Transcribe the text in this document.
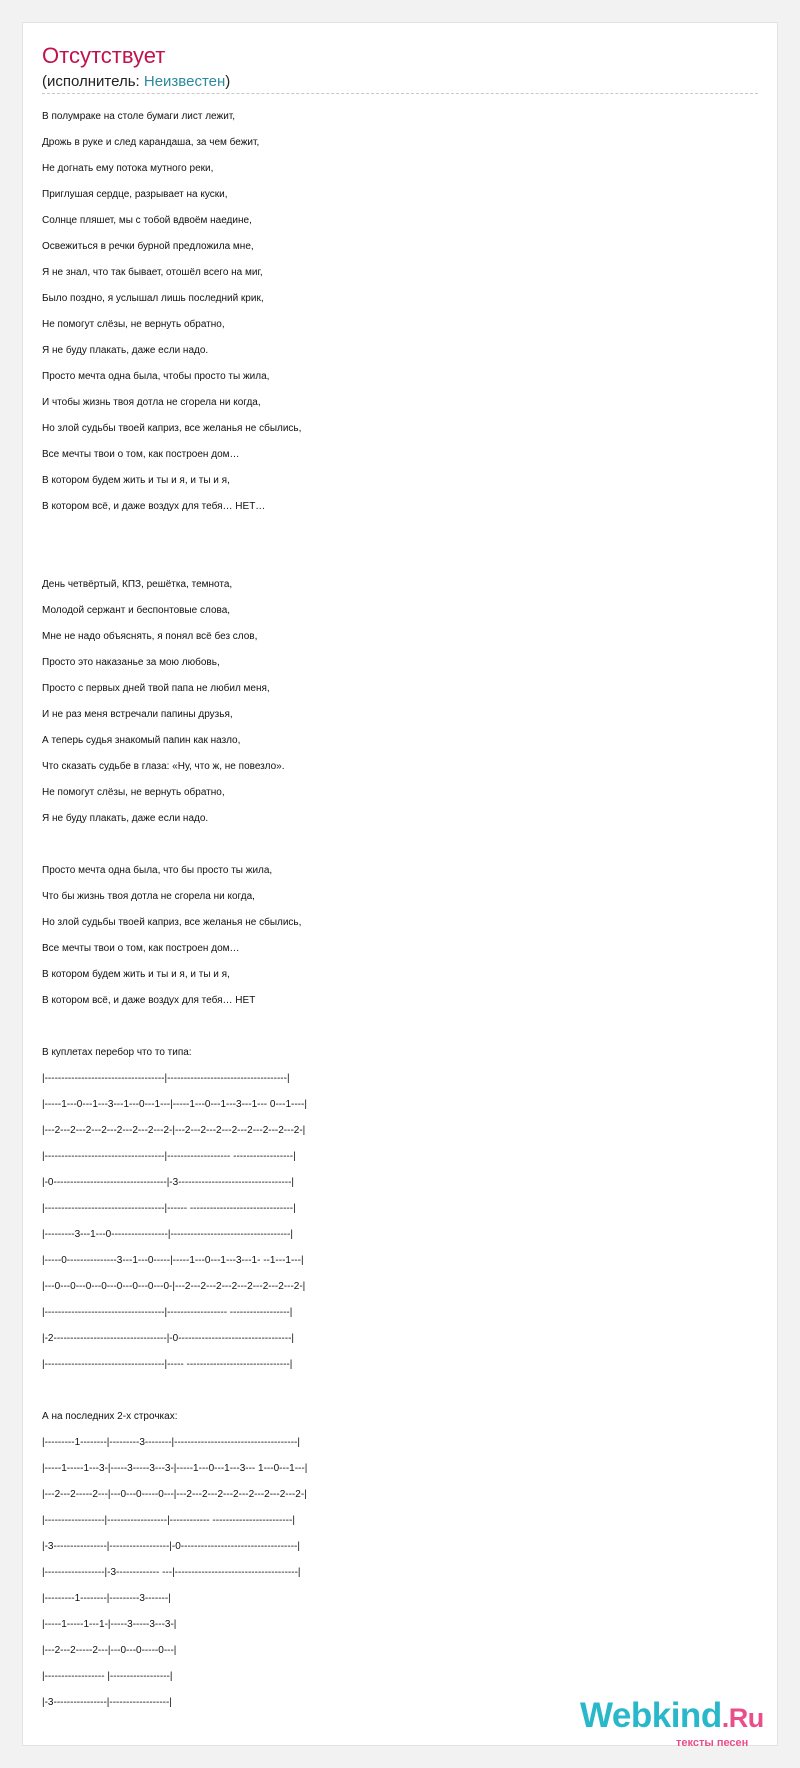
Отсутствует
(исполнитель: Неизвестен)
В полумраке на столе бумаги лист лежит,
Дрожь в руке и след карандаша, за чем бежит,
Не догнать ему потока мутного реки,
Приглушая сердце, разрывает на куски,
Солнце пляшет, мы с тобой вдвоём наедине,
Освежиться в речки бурной предложила мне,
Я не знал, что так бывает, отошёл всего на миг,
Было поздно, я услышал лишь последний крик,
Не помогут слёзы, не вернуть обратно,
Я не буду плакать, даже если надо.
Просто мечта одна была, чтобы просто ты жила,
И чтобы жизнь твоя дотла не сгорела ни когда,
Но злой судьбы твоей каприз, все желанья не сбылись,
Все мечты твои о том, как построен дом…
В котором будем жить и ты и я, и ты и я,
В котором всё, и даже воздух для тебя… НЕТ…
День четвёртый, КПЗ, решётка, темнота,
Молодой сержант и беспонтовые слова,
Мне не надо объяснять, я понял всё без слов,
Просто это наказанье за мою любовь,
Просто с первых дней твой папа не любил меня,
И не раз меня встречали папины друзья,
А теперь судья знакомый папин как назло,
Что сказать судьбе в глаза: «Ну, что ж, не повезло».
Не помогут слёзы, не вернуть обратно,
Я не буду плакать, даже если надо.
Просто мечта одна была, что бы просто ты жила,
Что бы жизнь твоя дотла не сгорела ни когда,
Но злой судьбы твоей каприз, все желанья не сбылись,
Все мечты твои о том, как построен дом…
В котором будем жить и ты и я, и ты и я,
В котором всё, и даже воздух для тебя… НЕТ
В куплетах перебор что то типа:
|------------------------------------|------------------------------------|
|-----1---0---1---3---1---0---1---|-----1---0---1---3---1--- 0---1----|
|---2---2---2---2---2---2---2---2-|---2---2---2---2---2---2---2---2-|
|------------------------------------|------------------- ------------------|
|-0----------------------------------|-3----------------------------------|
|------------------------------------|------ -------------------------------|
|---------3---1---0-----------------|------------------------------------|
|-----0---------------3---1---0-----|-----1---0---1---3---1- --1---1---|
|---0---0---0---0---0---0---0---0-|---2---2---2---2---2---2---2---2-|
|------------------------------------|------------------ ------------------|
|-2----------------------------------|-0----------------------------------|
|------------------------------------|----- -------------------------------|
А на последних 2-х строчках:
|---------1--------|---------3--------|-------------------------------------|
|-----1-----1---3-|-----3-----3---3-|-----1---0---1---3--- 1---0---1---|
|---2---2-----2---|---0---0-----0---|---2---2---2---2---2---2---2---2-|
|------------------|------------------|------------ ------------------------|
|-3----------------|------------------|-0-----------------------------------|
|------------------|-3------------- ---|-------------------------------------|
|---------1--------|---------3-------|
|-----1-----1---1-|-----3-----3---3-|
|---2---2-----2---|---0---0-----0---|
|------------------ |------------------|
|-3----------------|------------------|	Webkind.Ru
тексты песен
